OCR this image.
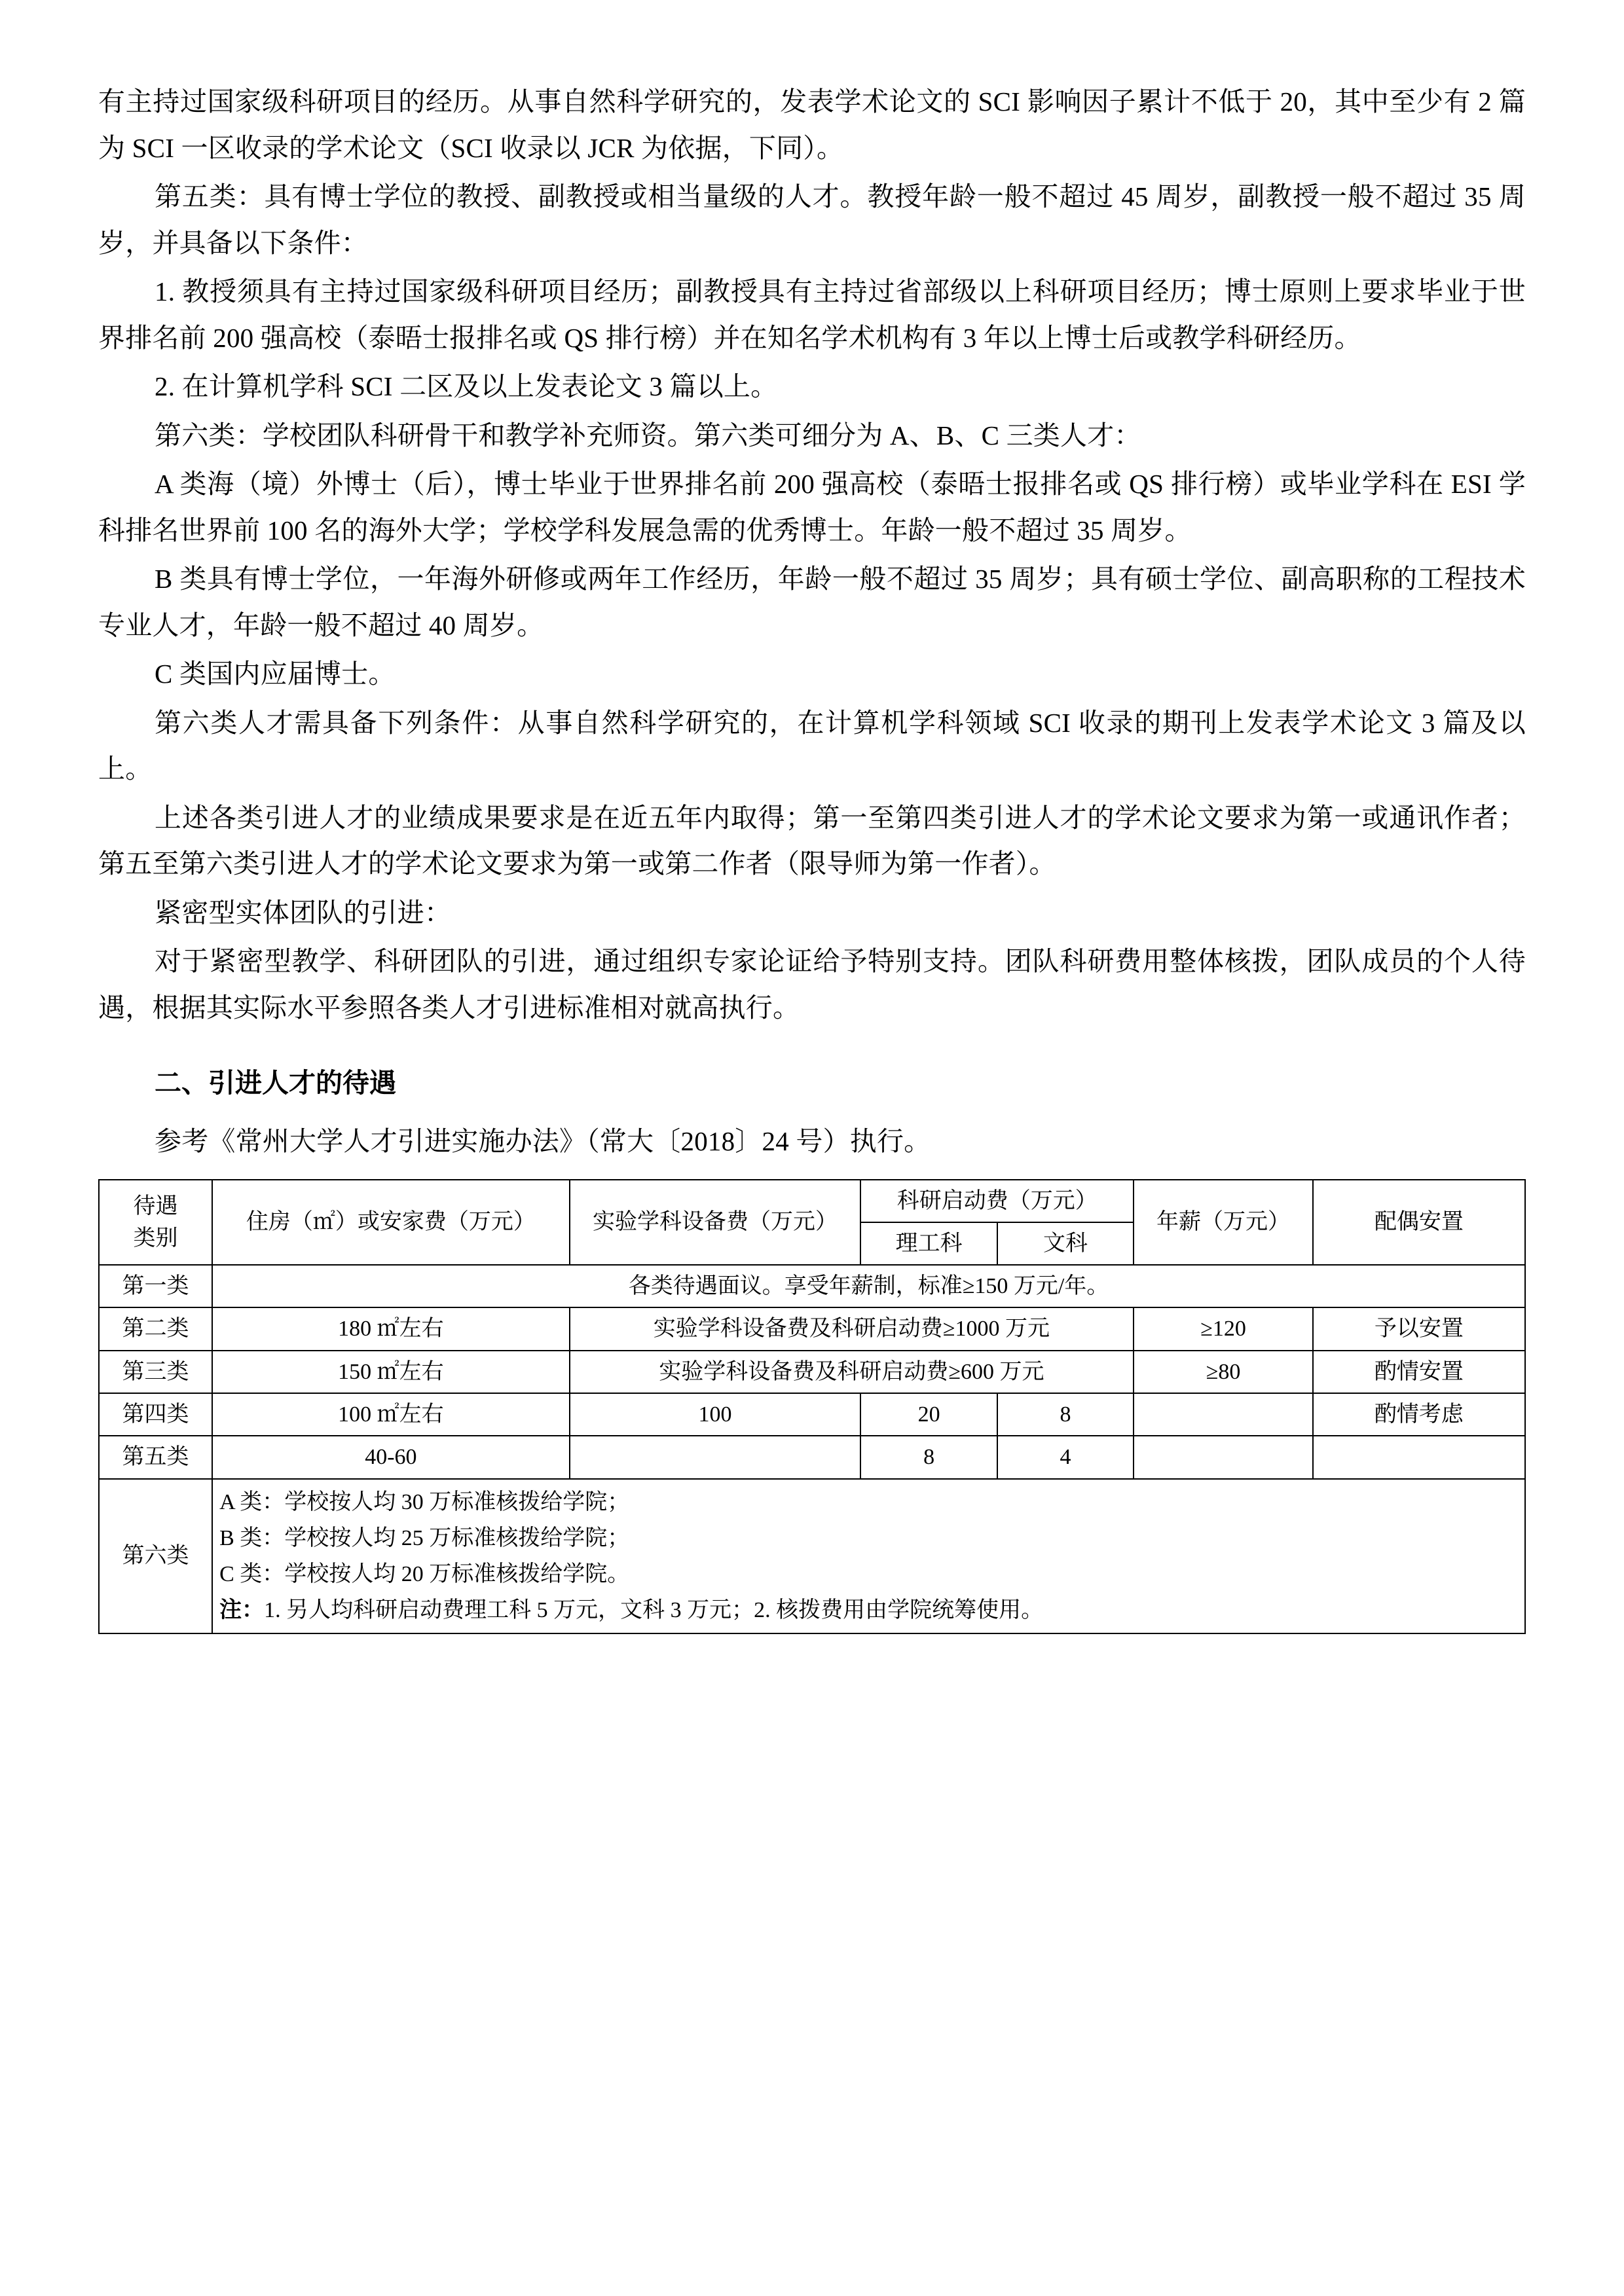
有主持过国家级科研项目的经历。从事自然科学研究的，发表学术论文的 SCI 影响因子累计不低于 20，其中至少有 2 篇为 SCI 一区收录的学术论文（SCI 收录以 JCR 为依据，下同）。

第五类：具有博士学位的教授、副教授或相当量级的人才。教授年龄一般不超过 45 周岁，副教授一般不超过 35 周岁，并具备以下条件：

1. 教授须具有主持过国家级科研项目经历；副教授具有主持过省部级以上科研项目经历；博士原则上要求毕业于世界排名前 200 强高校（泰晤士报排名或 QS 排行榜）并在知名学术机构有 3 年以上博士后或教学科研经历。

2. 在计算机学科 SCI 二区及以上发表论文 3 篇以上。

第六类：学校团队科研骨干和教学补充师资。第六类可细分为 A、B、C 三类人才：

A 类海（境）外博士（后），博士毕业于世界排名前 200 强高校（泰晤士报排名或 QS 排行榜）或毕业学科在 ESI 学科排名世界前 100 名的海外大学；学校学科发展急需的优秀博士。年龄一般不超过 35 周岁。

B 类具有博士学位，一年海外研修或两年工作经历，年龄一般不超过 35 周岁；具有硕士学位、副高职称的工程技术专业人才，年龄一般不超过 40 周岁。

C 类国内应届博士。

第六类人才需具备下列条件：从事自然科学研究的，在计算机学科领域 SCI 收录的期刊上发表学术论文 3 篇及以上。

上述各类引进人才的业绩成果要求是在近五年内取得；第一至第四类引进人才的学术论文要求为第一或通讯作者；第五至第六类引进人才的学术论文要求为第一或第二作者（限导师为第一作者）。

紧密型实体团队的引进：

对于紧密型教学、科研团队的引进，通过组织专家论证给予特别支持。团队科研费用整体核拨，团队成员的个人待遇，根据其实际水平参照各类人才引进标准相对就高执行。

二、引进人才的待遇

参考《常州大学人才引进实施办法》（常大〔2018〕24 号）执行。

待遇
类别	住房（㎡）或安家费（万元）	实验学科设备费（万元）	科研启动费（万元）		年薪（万元）	配偶安置
			理工科	文科		
第一类	各类待遇面议。享受年薪制，标准≥150 万元/年。					
第二类	180 ㎡左右	实验学科设备费及科研启动费≥1000 万元			≥120	予以安置
第三类	150 ㎡左右	实验学科设备费及科研启动费≥600 万元			≥80	酌情安置
第四类	100 ㎡左右	100	20	8		酌情考虑
第五类	40-60		8	4		
第六类	A 类：学校按人均 30 万标准核拨给学院；
B 类：学校按人均 25 万标准核拨给学院；
C 类：学校按人均 20 万标准核拨给学院。
注：1. 另人均科研启动费理工科 5 万元，文科 3 万元；2. 核拨费用由学院统筹使用。					
